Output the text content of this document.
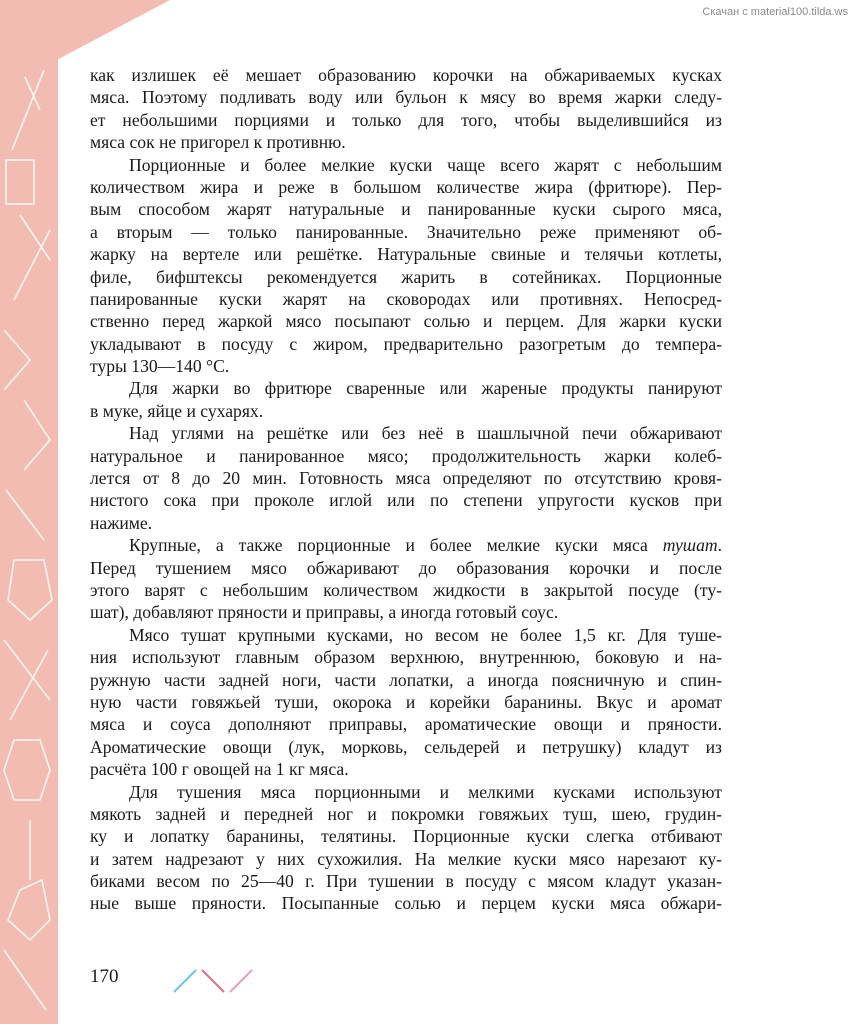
Скачан с material100.tilda.ws
как излишек её мешает образованию корочки на обжариваемых кусках
мяса. Поэтому подливать воду или бульон к мясу во время жарки следу-
ет небольшими порциями и только для того, чтобы выделившийся из
мяса сок не пригорел к противню.
Порционные и более мелкие куски чаще всего жарят с небольшим
количеством жира и реже в большом количестве жира (фритюре). Пер-
вым способом жарят натуральные и панированные куски сырого мяса,
а вторым — только панированные. Значительно реже применяют об-
жарку на вертеле или решётке. Натуральные свиные и телячьи котлеты,
филе, бифштексы рекомендуется жарить в сотейниках. Порционные
панированные куски жарят на сковородах или противнях. Непосред-
ственно перед жаркой мясо посыпают солью и перцем. Для жарки куски
укладывают в посуду с жиром, предварительно разогретым до темпера-
туры 130—140 °С.
Для жарки во фритюре сваренные или жареные продукты панируют
в муке, яйце и сухарях.
Над углями на решётке или без неё в шашлычной печи обжаривают
натуральное и панированное мясо; продолжительность жарки колеб-
лется от 8 до 20 мин. Готовность мяса определяют по отсутствию кровя-
нистого сока при проколе иглой или по степени упругости кусков при
нажиме.
Крупные, а также порционные и более мелкие куски мяса тушат.
Перед тушением мясо обжаривают до образования корочки и после
этого варят с небольшим количеством жидкости в закрытой посуде (ту-
шат), добавляют пряности и приправы, а иногда готовый соус.
Мясо тушат крупными кусками, но весом не более 1,5 кг. Для туше-
ния используют главным образом верхнюю, внутреннюю, боковую и на-
ружную части задней ноги, части лопатки, а иногда поясничную и спин-
ную части говяжьей туши, окорока и корейки баранины. Вкус и аромат
мяса и соуса дополняют приправы, ароматические овощи и пряности.
Ароматические овощи (лук, морковь, сельдерей и петрушку) кладут из
расчёта 100 г овощей на 1 кг мяса.
Для тушения мяса порционными и мелкими кусками используют
мякоть задней и передней ног и покромки говяжьих туш, шею, грудин-
ку и лопатку баранины, телятины. Порционные куски слегка отбивают
и затем надрезают у них сухожилия. На мелкие куски мясо нарезают ку-
биками весом по 25—40 г. При тушении в посуду с мясом кладут указан-
ные выше пряности. Посыпанные солью и перцем куски мяса обжари-
170
